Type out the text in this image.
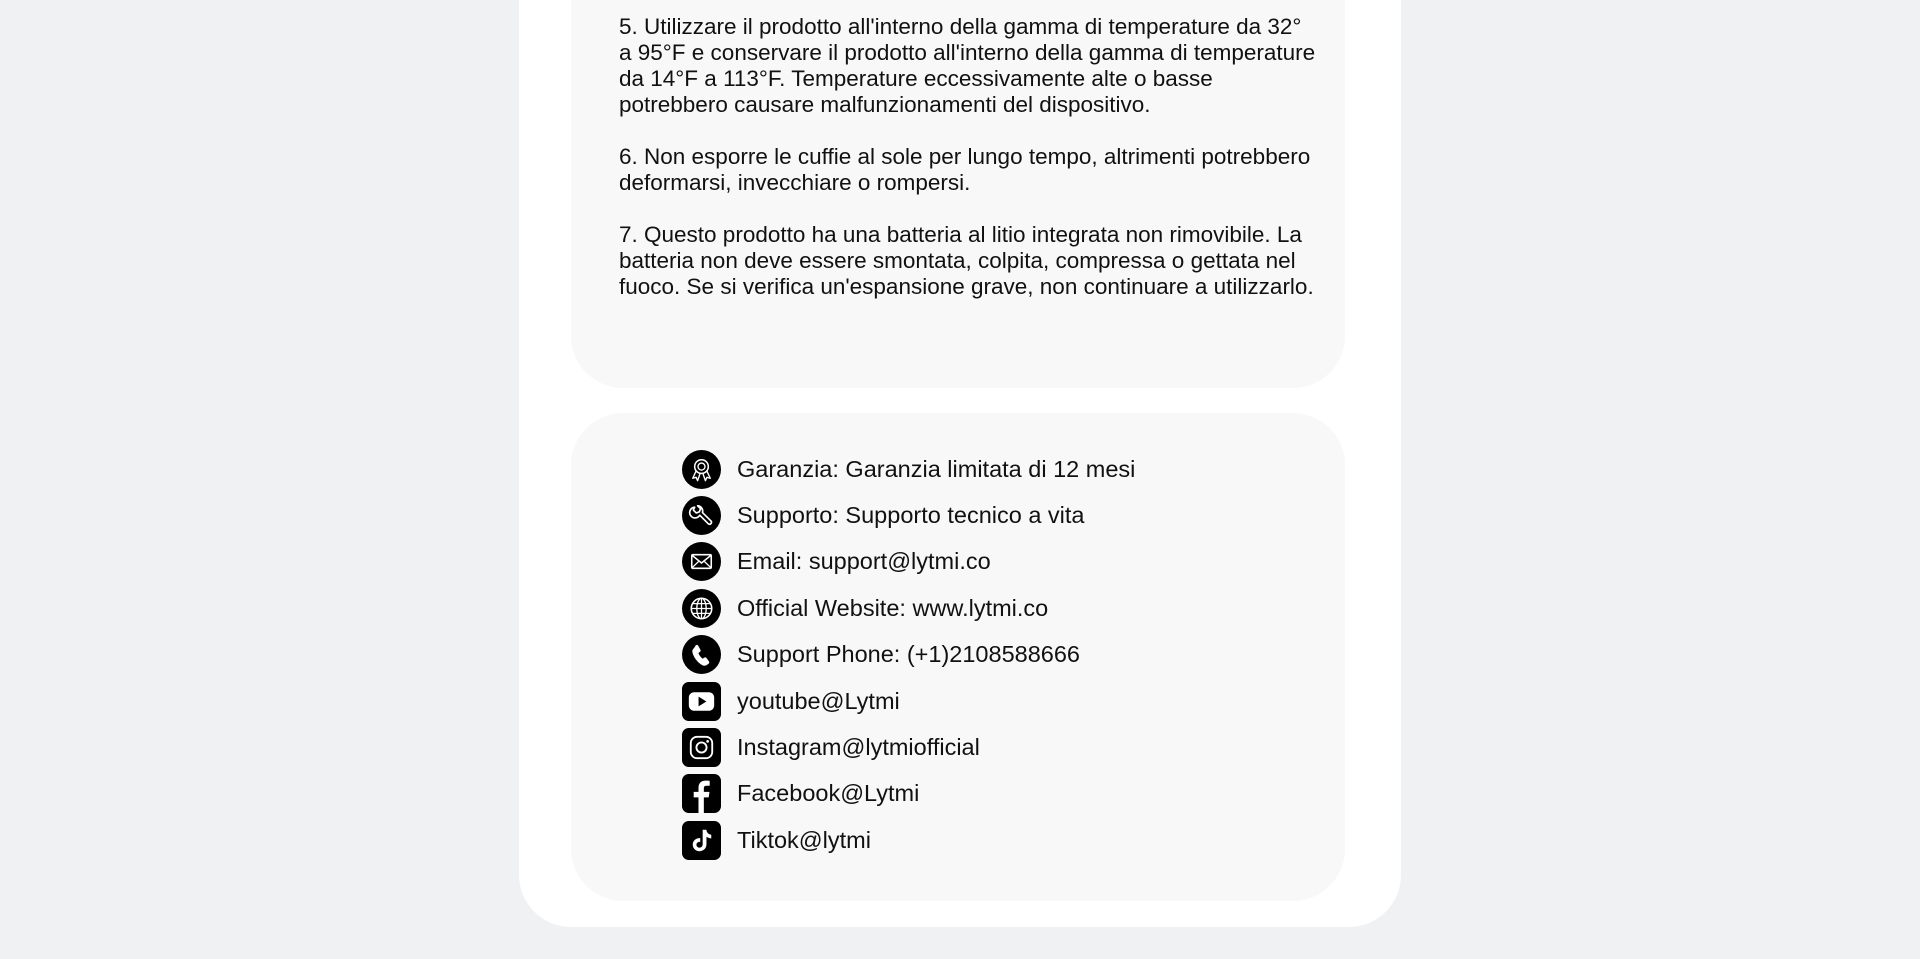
5. Utilizzare il prodotto all'interno della gamma di temperature da 32° a 95°F e conservare il prodotto all'interno della gamma di temperature da 14°F a 113°F. Temperature eccessivamente alte o basse potrebbero causare malfunzionamenti del dispositivo.

6. Non esporre le cuffie al sole per lungo tempo, altrimenti potrebbero deformarsi, invecchiare o rompersi.

7. Questo prodotto ha una batteria al litio integrata non rimovibile. La batteria non deve essere smontata, colpita, compressa o gettata nel fuoco. Se si verifica un'espansione grave, non continuare a utilizzarlo.

Garanzia: Garanzia limitata di 12 mesi
Supporto: Supporto tecnico a vita
Email: support@lytmi.co
Official Website: www.lytmi.co
Support Phone: (+1)2108588666
youtube@Lytmi
Instagram@lytmiofficial
Facebook@Lytmi
Tiktok@lytmi
